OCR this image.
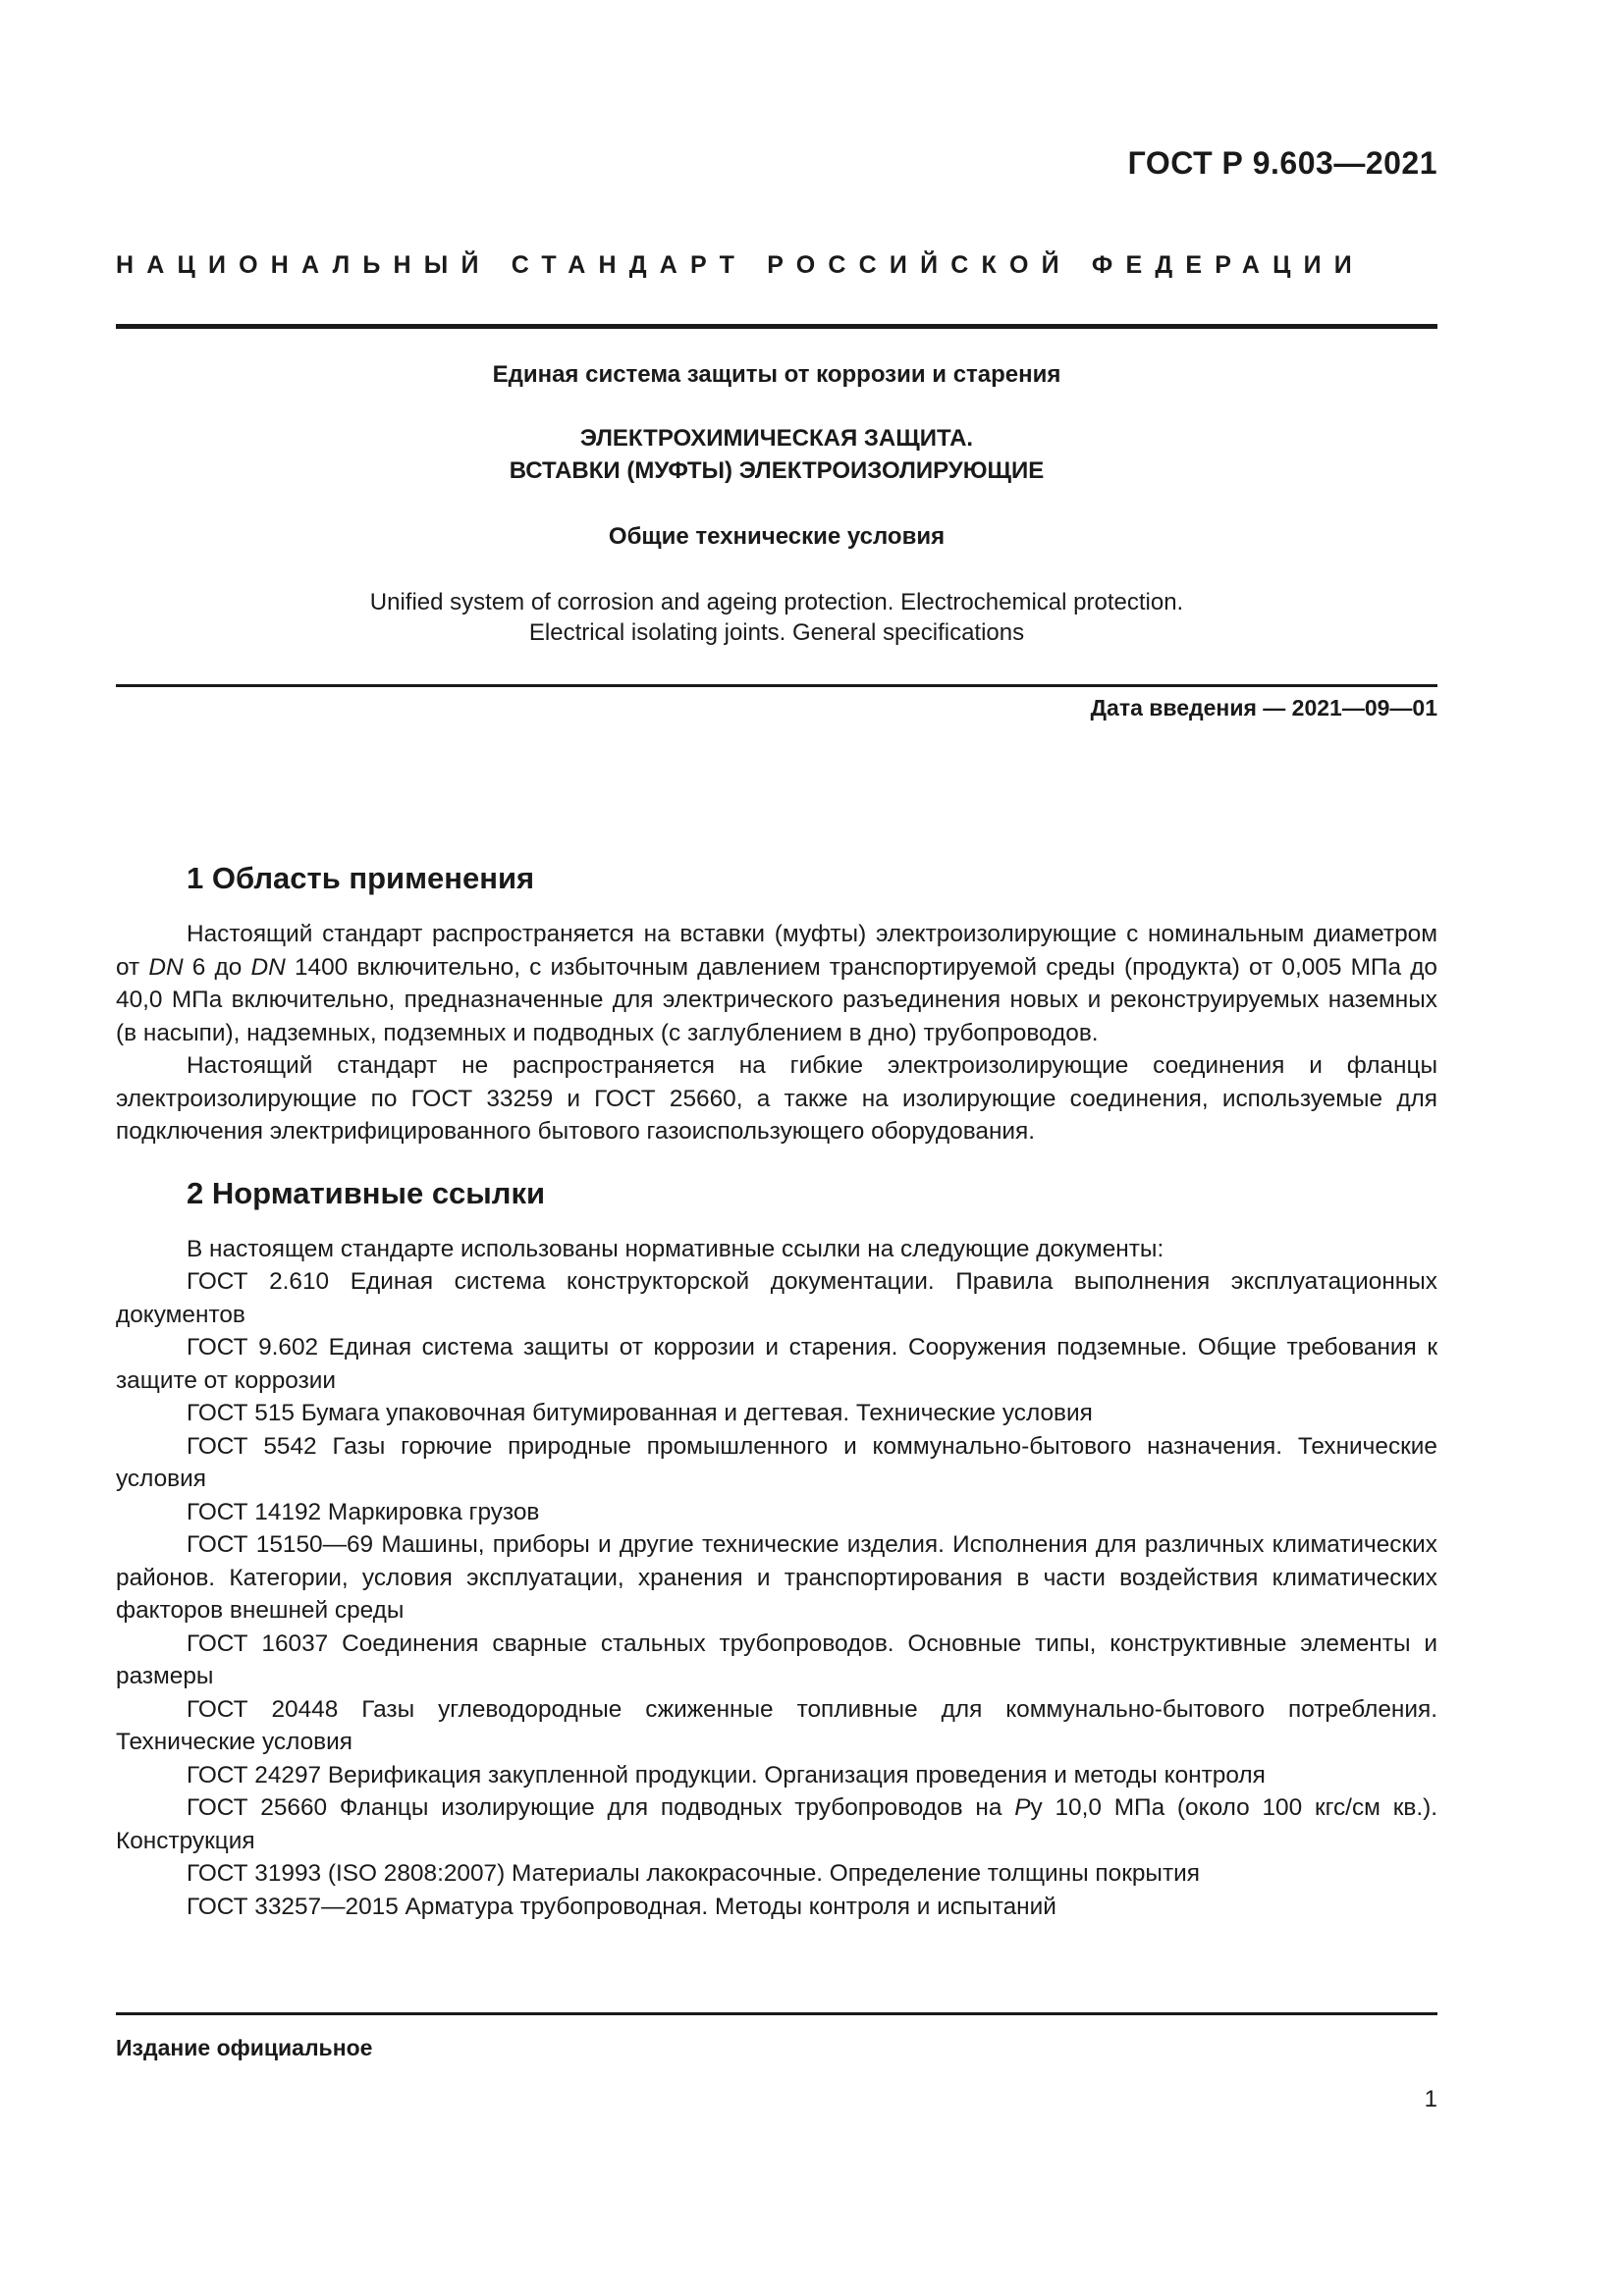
ГОСТ Р 9.603—2021
НАЦИОНАЛЬНЫЙ СТАНДАРТ РОССИЙСКОЙ ФЕДЕРАЦИИ
Единая система защиты от коррозии и старения
ЭЛЕКТРОХИМИЧЕСКАЯ ЗАЩИТА.
ВСТАВКИ (МУФТЫ) ЭЛЕКТРОИЗОЛИРУЮЩИЕ
Общие технические условия
Unified system of corrosion and ageing protection. Electrochemical protection.
Electrical isolating joints. General specifications
Дата введения — 2021—09—01
1 Область применения

Настоящий стандарт распространяется на вставки (муфты) электроизолирующие с номинальным диаметром от DN 6 до DN 1400 включительно, с избыточным давлением транспортируемой среды (продукта) от 0,005 МПа до 40,0 МПа включительно, предназначенные для электрического разъединения новых и реконструируемых наземных (в насыпи), надземных, подземных и подводных (с заглублением в дно) трубопроводов.

Настоящий стандарт не распространяется на гибкие электроизолирующие соединения и фланцы электроизолирующие по ГОСТ 33259 и ГОСТ 25660, а также на изолирующие соединения, используемые для подключения электрифицированного бытового газоиспользующего оборудования.

2 Нормативные ссылки

В настоящем стандарте использованы нормативные ссылки на следующие документы:

ГОСТ 2.610 Единая система конструкторской документации. Правила выполнения эксплуатационных документов

ГОСТ 9.602 Единая система защиты от коррозии и старения. Сооружения подземные. Общие требования к защите от коррозии

ГОСТ 515 Бумага упаковочная битумированная и дегтевая. Технические условия

ГОСТ 5542 Газы горючие природные промышленного и коммунально-бытового назначения. Технические условия

ГОСТ 14192 Маркировка грузов

ГОСТ 15150—69 Машины, приборы и другие технические изделия. Исполнения для различных климатических районов. Категории, условия эксплуатации, хранения и транспортирования в части воздействия климатических факторов внешней среды

ГОСТ 16037 Соединения сварные стальных трубопроводов. Основные типы, конструктивные элементы и размеры

ГОСТ 20448 Газы углеводородные сжиженные топливные для коммунально-бытового потребления. Технические условия

ГОСТ 24297 Верификация закупленной продукции. Организация проведения и методы контроля

ГОСТ 25660 Фланцы изолирующие для подводных трубопроводов на Ру 10,0 МПа (около 100 кгс/см кв.). Конструкция

ГОСТ 31993 (ISO 2808:2007) Материалы лакокрасочные. Определение толщины покрытия

ГОСТ 33257—2015 Арматура трубопроводная. Методы контроля и испытаний

Издание официальное
1
